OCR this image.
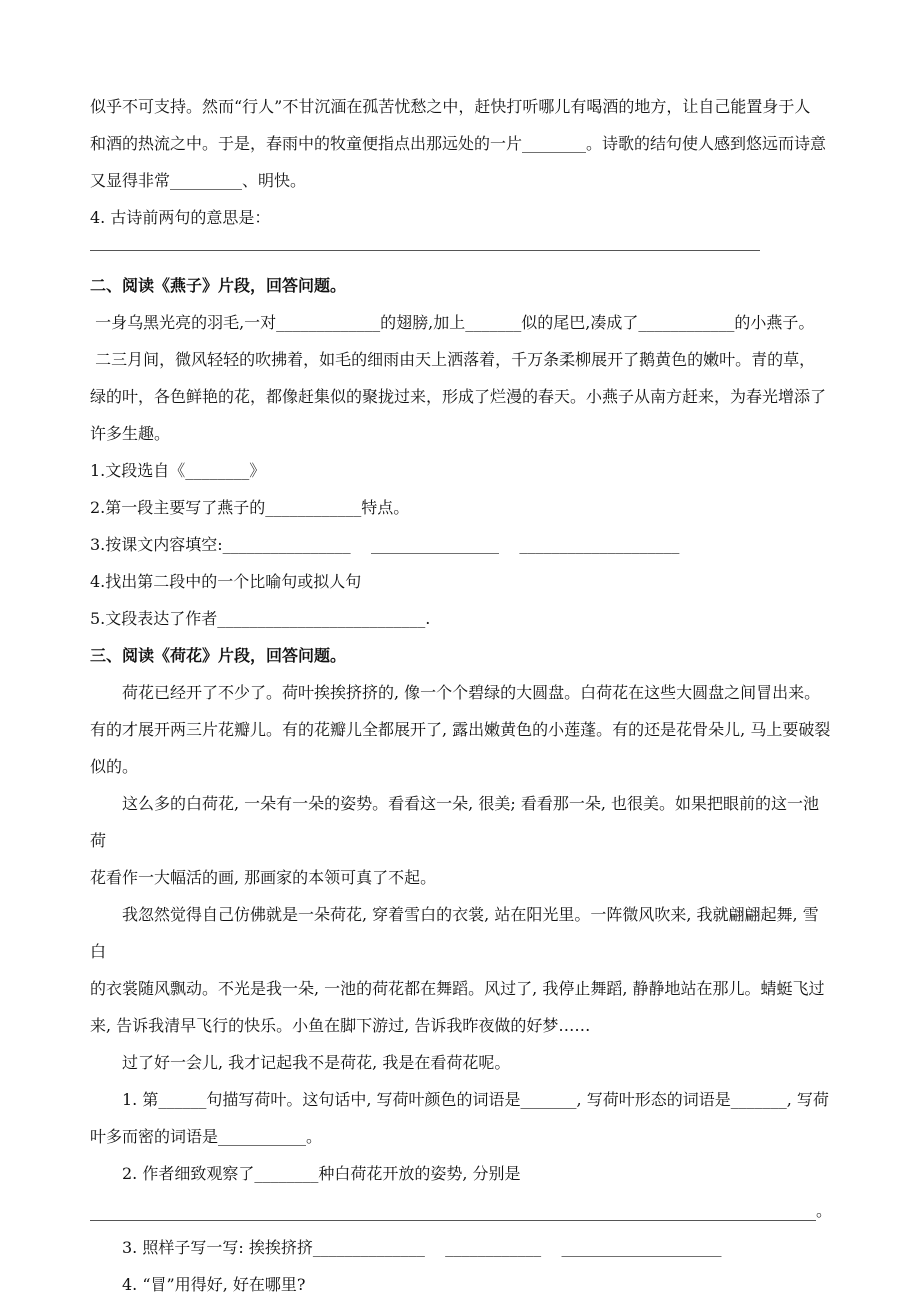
似乎不可支持。然而“行人”不甘沉湎在孤苦忧愁之中，赶快打听哪儿有喝酒的地方，让自己能置身于人

和酒的热流之中。于是，春雨中的牧童便指点出那远处的一片________。诗歌的结句使人感到悠远而诗意

又显得非常_________、明快。

4. 古诗前两句的意思是：

二、阅读《燕子》片段，回答问题。

一身乌黑光亮的羽毛,一对_____________的翅膀,加上_______似的尾巴,凑成了____________的小燕子。

二三月间，微风轻轻的吹拂着，如毛的细雨由天上洒落着，千万条柔柳展开了鹅黄色的嫩叶。青的草，

绿的叶，各色鲜艳的花，都像赶集似的聚拢过来，形成了烂漫的春天。小燕子从南方赶来，为春光增添了

许多生趣。

1.文段选自《________》

2.第一段主要写了燕子的____________特点。

3.按课文内容填空:________________    ________________    ____________________

4.找出第二段中的一个比喻句或拟人句

5.文段表达了作者__________________________.

三、阅读《荷花》片段，回答问题。

荷花已经开了不少了。荷叶挨挨挤挤的, 像一个个碧绿的大圆盘。白荷花在这些大圆盘之间冒出来。

有的才展开两三片花瓣儿。有的花瓣儿全都展开了, 露出嫩黄色的小莲蓬。有的还是花骨朵儿, 马上要破裂

似的。

这么多的白荷花, 一朵有一朵的姿势。看看这一朵, 很美; 看看那一朵, 也很美。如果把眼前的这一池荷

花看作一大幅活的画, 那画家的本领可真了不起。

我忽然觉得自己仿佛就是一朵荷花, 穿着雪白的衣裳, 站在阳光里。一阵微风吹来, 我就翩翩起舞, 雪白

的衣裳随风飘动。不光是我一朵, 一池的荷花都在舞蹈。风过了, 我停止舞蹈, 静静地站在那儿。蜻蜓飞过

来, 告诉我清早飞行的快乐。小鱼在脚下游过, 告诉我昨夜做的好梦……

过了好一会儿, 我才记起我不是荷花, 我是在看荷花呢。

1. 第______句描写荷叶。这句话中, 写荷叶颜色的词语是_______, 写荷叶形态的词语是_______, 写荷

叶多而密的词语是___________。

2. 作者细致观察了________种白荷花开放的姿势, 分别是

。

3. 照样子写一写: 挨挨挤挤______________    ____________    ____________________

4. “冒”用得好, 好在哪里?
